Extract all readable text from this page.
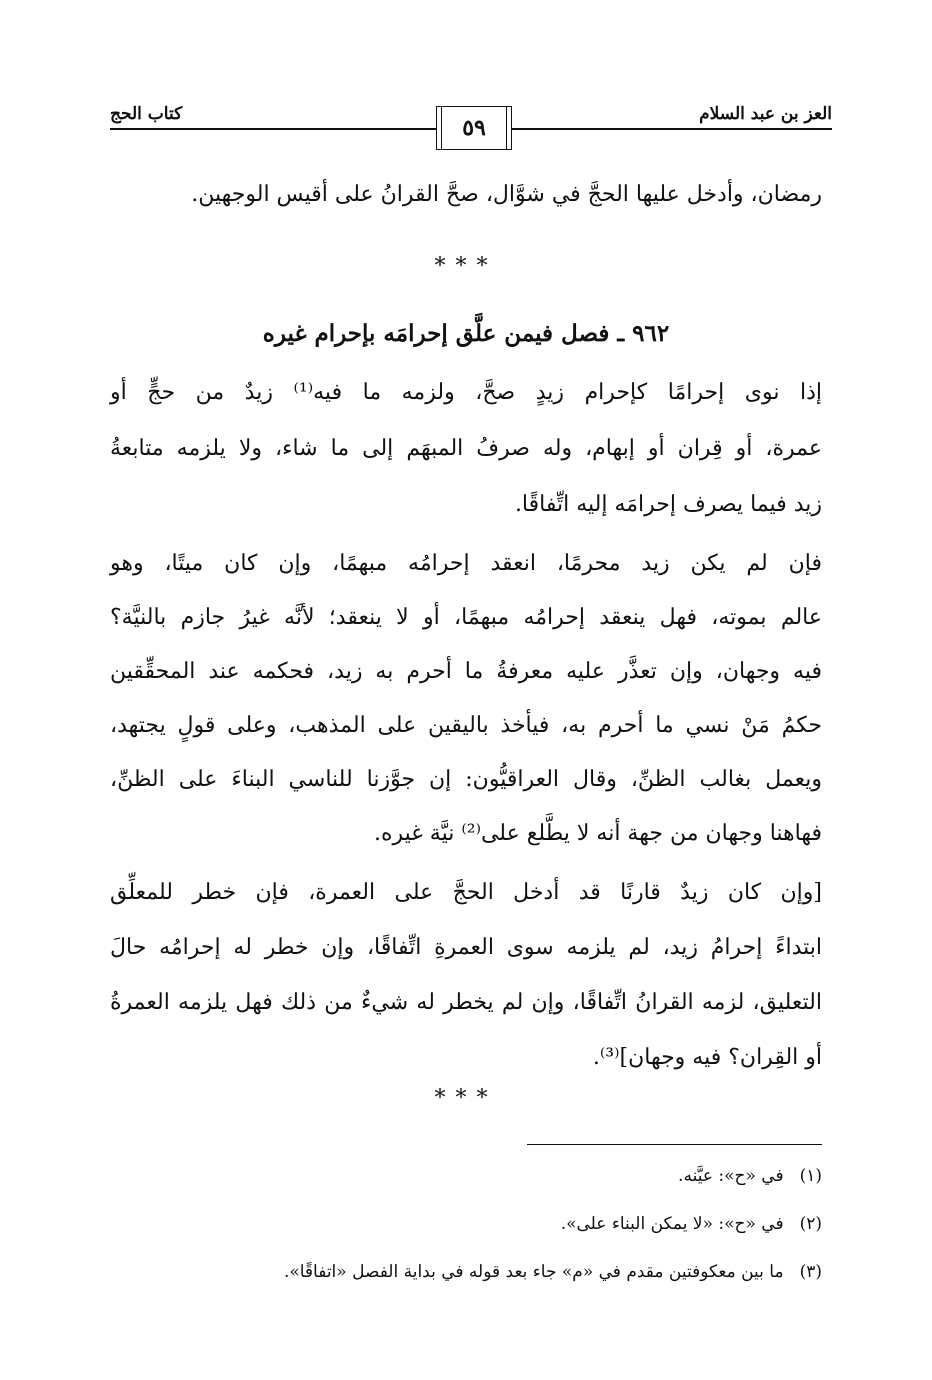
العز بن عبد السلام
كتاب الحج
٥٩
رمضان، وأدخل عليها الحجَّ في شوَّال، صحَّ القرانُ على أقيس الوجهين.
***
٩٦٢ ـ فصل فيمن علَّق إحرامَه بإحرام غيره
إذا نوى إحرامًا كإحرام زيدٍ صحَّ، ولزمه ما فيه⁽¹⁾ زيدٌ من حجٍّ أو
عمرة، أو قِران أو إبهام، وله صرفُ المبهَم إلى ما شاء، ولا يلزمه متابعةُ
زيد فيما يصرف إحرامَه إليه اتِّفاقًا.
فإن لم يكن زيد محرمًا، انعقد إحرامُه مبهمًا، وإن كان ميتًا، وهو
عالم بموته، فهل ينعقد إحرامُه مبهمًا، أو لا ينعقد؛ لأنَّه غيرُ جازم بالنيَّة؟
فيه وجهان، وإن تعذَّر عليه معرفةُ ما أحرم به زيد، فحكمه عند المحقِّقين
حكمُ مَنْ نسي ما أحرم به، فيأخذ باليقين على المذهب، وعلى قولٍ يجتهد،
ويعمل بغالب الظنِّ، وقال العراقيُّون: إن جوَّزنا للناسي البناءَ على الظنِّ،
فهاهنا وجهان من جهة أنه لا يطَّلع على⁽²⁾ نيَّة غيره.
[وإن كان زيدٌ قارنًا قد أدخل الحجَّ على العمرة، فإن خطر للمعلِّق
ابتداءً إحرامُ زيد، لم يلزمه سوى العمرةِ اتِّفاقًا، وإن خطر له إحرامُه حالَ
التعليق، لزمه القرانُ اتِّفاقًا، وإن لم يخطر له شيءٌ من ذلك فهل يلزمه العمرةُ
أو القِران؟ فيه وجهان]⁽³⁾.
***
(١)في «ح»: عيَّنه.
(٢)في «ح»: «لا يمكن البناء على».
(٣)ما بين معكوفتين مقدم في «م» جاء بعد قوله في بداية الفصل «اتفاقًا».
